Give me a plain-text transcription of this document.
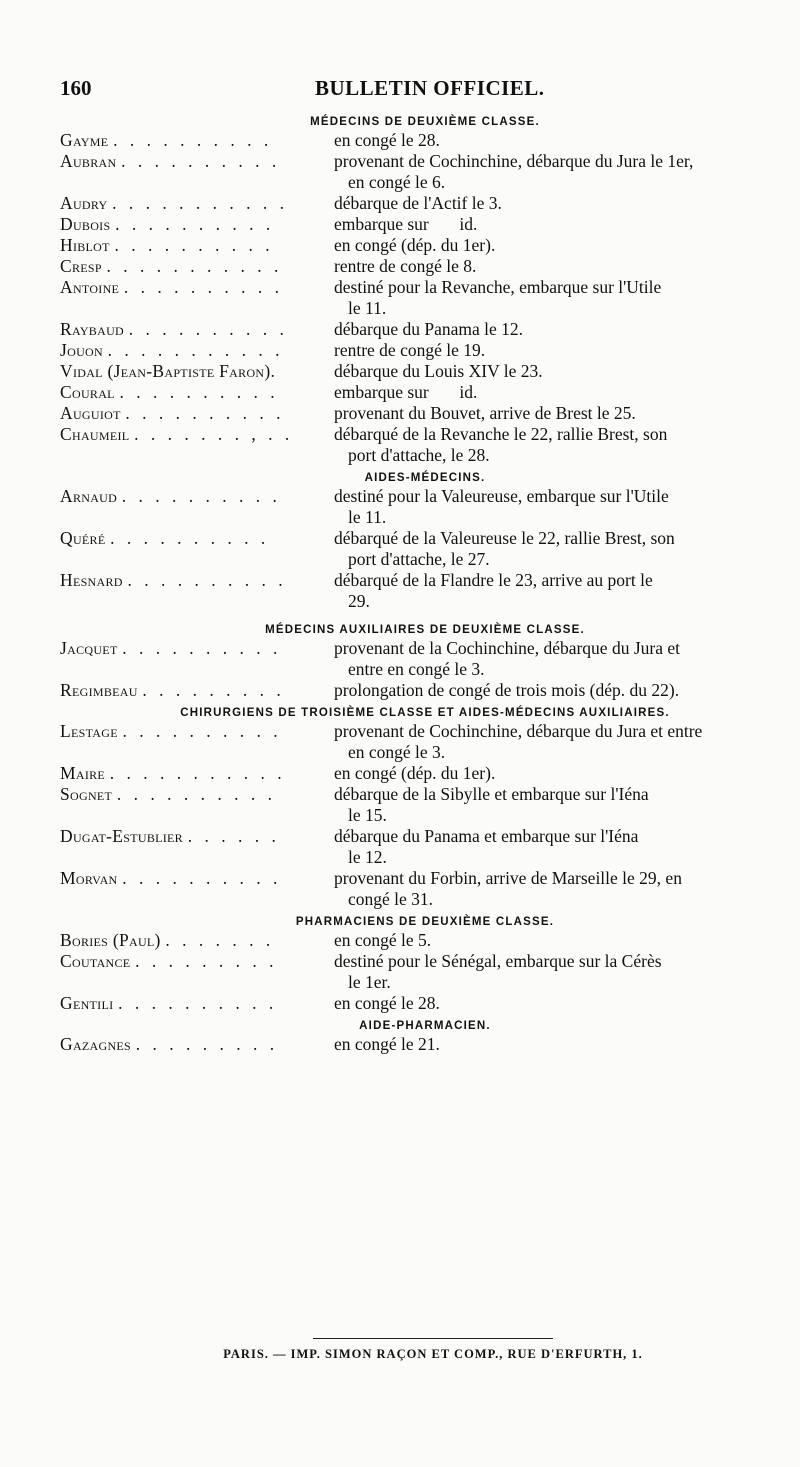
160	BULLETIN OFFICIEL.
MÉDECINS DE DEUXIÈME CLASSE.
Gayme . . . . . . . . . .	en congé le 28.
Aubran . . . . . . . . . .	provenant de Cochinchine, débarque du Jura le 1er,
en congé le 6.
Audry . . . . . . . . . . .	débarque de l'Actif le 3.
Dubois . . . . . . . . . .	embarque sur       id.
Hiblot . . . . . . . . . .	en congé (dép. du 1er).
Cresp . . . . . . . . . . .	rentre de congé le 8.
Antoine . . . . . . . . . .	destiné pour la Revanche, embarque sur l'Utile
le 11.
Raybaud . . . . . . . . . .	débarque du Panama le 12.
Jouon . . . . . . . . . . .	rentre de congé le 19.
Vidal (Jean-Baptiste Faron).	débarque du Louis XIV le 23.
Coural . . . . . . . . . .	embarque sur       id.
Auguiot . . . . . . . . . .	provenant du Bouvet, arrive de Brest le 25.
Chaumeil . . . . . . . , . .	débarqué de la Revanche le 22, rallie Brest, son
port d'attache, le 28.
AIDES-MÉDECINS.
Arnaud . . . . . . . . . .	destiné pour la Valeureuse, embarque sur l'Utile
le 11.
Quéré . . . . . . . . . .	débarqué de la Valeureuse le 22, rallie Brest, son
port d'attache, le 27.
Hesnard . . . . . . . . . .	débarqué de la Flandre le 23, arrive au port le
29.
MÉDECINS AUXILIAIRES DE DEUXIÈME CLASSE.
Jacquet . . . . . . . . . .	provenant de la Cochinchine, débarque du Jura et
entre en congé le 3.
Regimbeau . . . . . . . . .	prolongation de congé de trois mois (dép. du 22).
CHIRURGIENS DE TROISIÈME CLASSE ET AIDES-MÉDECINS AUXILIAIRES.
Lestage . . . . . . . . . .	provenant de Cochinchine, débarque du Jura et entre
en congé le 3.
Maire . . . . . . . . . . .	en congé (dép. du 1er).
Sognet . . . . . . . . . .	débarque de la Sibylle et embarque sur l'Iéna
le 15.
Dugat-Estublier . . . . . .	débarque du Panama et embarque sur l'Iéna
le 12.
Morvan . . . . . . . . . .	provenant du Forbin, arrive de Marseille le 29, en
congé le 31.
PHARMACIENS DE DEUXIÈME CLASSE.
Bories (Paul) . . . . . . .	en congé le 5.
Coutance . . . . . . . . .	destiné pour le Sénégal, embarque sur la Cérès
le 1er.
Gentili . . . . . . . . . .	en congé le 28.
AIDE-PHARMACIEN.
Gazagnes . . . . . . . . .	en congé le 21.
PARIS. — IMP. SIMON RAÇON ET COMP., RUE D'ERFURTH, 1.
